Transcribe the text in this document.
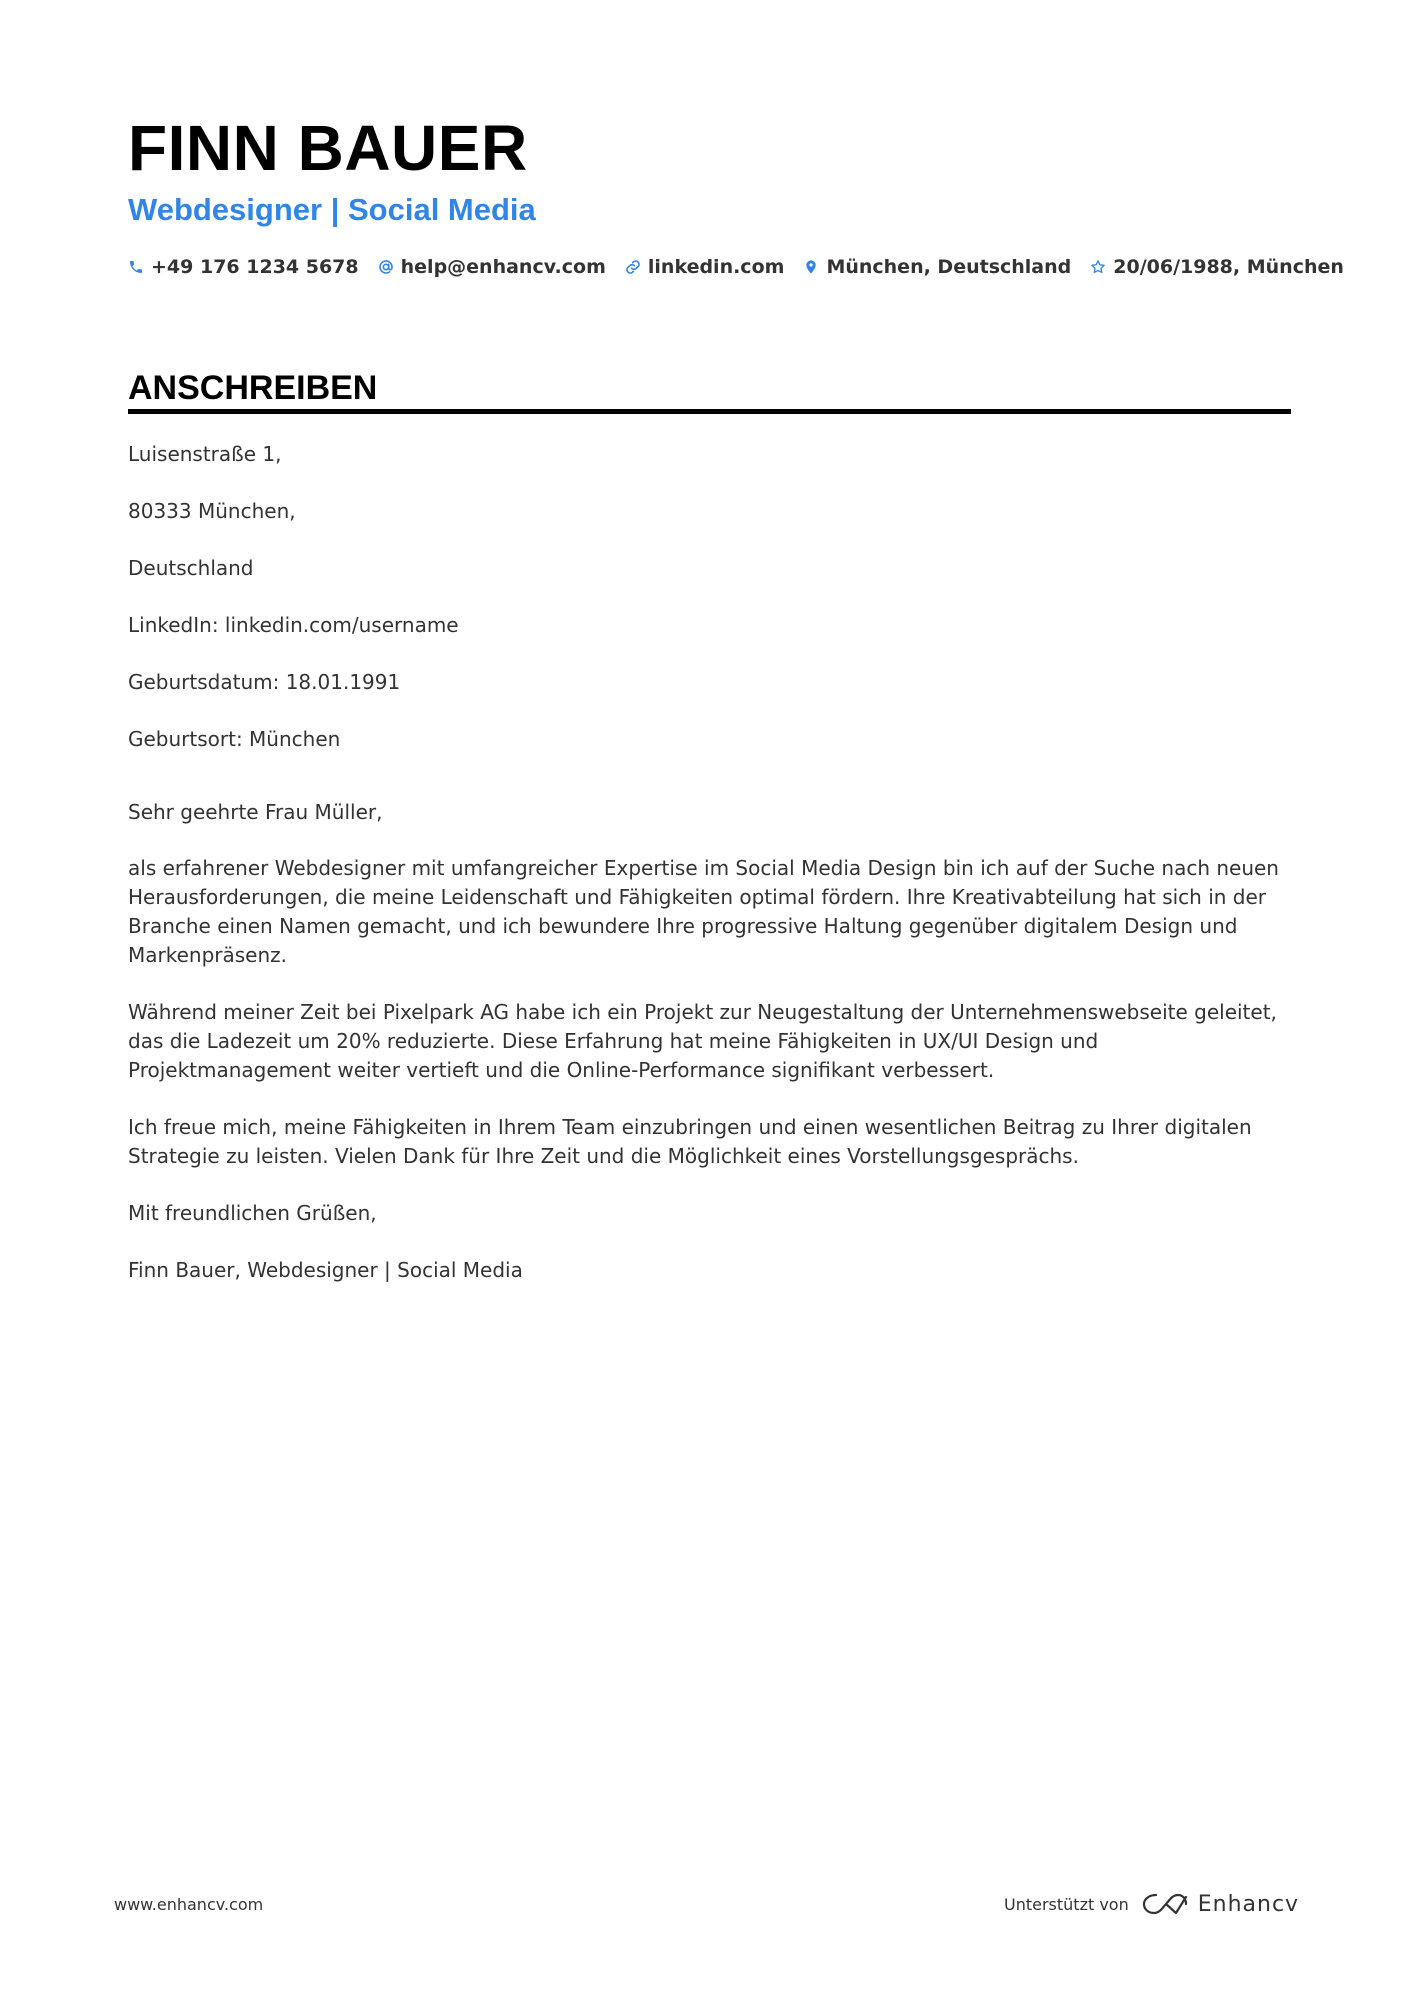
FINN BAUER
Webdesigner | Social Media
+49 176 1234 5678 help@enhancv.com linkedin.com München, Deutschland 20/06/1988, München
ANSCHREIBEN

Luisenstraße 1,

80333 München,

Deutschland

LinkedIn: linkedin.com/username

Geburtsdatum: 18.01.1991

Geburtsort: München

Sehr geehrte Frau Müller,

als erfahrener Webdesigner mit umfangreicher Expertise im Social Media Design bin ich auf der Suche nach neuen Herausforderungen, die meine Leidenschaft und Fähigkeiten optimal fördern. Ihre Kreativabteilung hat sich in der Branche einen Namen gemacht, und ich bewundere Ihre progressive Haltung gegenüber digitalem Design und Markenpräsenz.

Während meiner Zeit bei Pixelpark AG habe ich ein Projekt zur Neugestaltung der Unternehmenswebseite geleitet, das die Ladezeit um 20% reduzierte. Diese Erfahrung hat meine Fähigkeiten in UX/UI Design und Projektmanagement weiter vertieft und die Online-Performance signifikant verbessert.

Ich freue mich, meine Fähigkeiten in Ihrem Team einzubringen und einen wesentlichen Beitrag zu Ihrer digitalen Strategie zu leisten. Vielen Dank für Ihre Zeit und die Möglichkeit eines Vorstellungsgesprächs.

Mit freundlichen Grüßen,

Finn Bauer, Webdesigner | Social Media

www.enhancv.com	Unterstützt von	Enhancv
